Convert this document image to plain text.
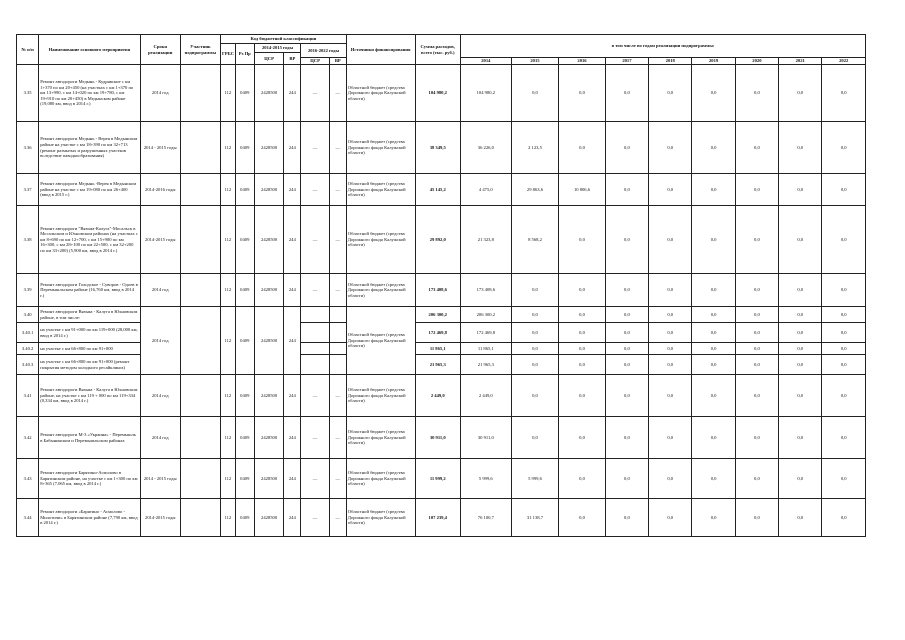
№ п/п	Наименование основного мероприятия	Сроки реализации	Участник подпрограммы	Код бюджетной классификации						Источники финансирования	Сумма расходов, всего (тыс. руб.)	в том числе по годам реализации подпрограммы:								
				ГРБС	Рз Пр	2014-2015 годы		2016-2022 годы												
						ЦСР	ВР													
								ЦСР	ВР			2014	2015	2016	2017	2018	2019	2020	2021	2022
3.35	Ремонт автодороги Медынь - Кудрявские с км 1+370 по км 20+450 (на участках с км 1+370 по км 13+990, с км 14+020 по км 19+780, с км 19+910 по км 20+450) в Медынском районе (19,080 км, ввод в 2014 г.)	2014 год		112	0409	2428500	244	—	—	Областной бюджет (средства Дорожного фонда Калужской области)	104 980,2	104 980,2	0,0	0,0	0,0	0,0	0,0	0,0	0,0	0,0
3.36	Ремонт автодороги Медынь - Верея в Медынском районе на участке с км 18+390 по км 32+713 (ремонт размытых и разрушенных участков вследствие паводкообразования)	2014 - 2015 годы		112	0409	2428500	244	—	—	Областной бюджет (средства Дорожного фонда Калужской области)	38 349,5	36 226,0	2 123,5	0,0	0,0	0,0	0,0	0,0	0,0	0,0
3.37	Ремонт автодороги Медынь -Верея в Медынском районе на участке с км 19+080 по км 26+400 (ввод в 2015 г.)	2014-2016 годы		112	0409	2428500	244	—	—	Областной бюджет (средства Дорожного фонда Калужской области)	45 145,2	4 475,0	29 863,6	10 806,6	0,0	0,0	0,0	0,0	0,0	0,0
3.38	Ремонт автодороги "Вязьма-Калуга"-Мосальск в Мосальском и Юхновском районах (на участках с км 8+690 по км 12+700, с км 15+900 по км 16+300, с км 28+100 по км 22+500, с км 32+200 по км 33+200) (5,900 км, ввод в 2014 г.)	2014-2015 годы		112	0409	2428500	244	—	—	Областной бюджет (средства Дорожного фонда Калужской области)	29 892,0	21 323,8	8 568,2	0,0	0,0	0,0	0,0	0,0	0,0	0,0
3.39	Ремонт автодороги Голодское - Суворов - Одоев в Перемышльском районе (16,760 км, ввод в 2014 г.)	2014 год		112	0409	2428500	244	—	—	Областной бюджет (средства Дорожного фонда Калужской области)	173 408,6	173 408,6	0,0	0,0	0,0	0,0	0,0	0,0	0,0	0,0
3.40	Ремонт автодороги Вязьма - Калуга в Юхновском районе, в том числе:	2014 год		112	0409	2428500	244			Областной бюджет (средства Дорожного фонда Калужской области)	206 300,2	206 300,2	0,0	0,0	0,0	0,0	0,0	0,0	0,0	0,0
3.40.1	на участке с км 91+000 по км 119+000 (28,000 км, ввод в 2014 г.)										172 469,8	172 469,8	0,0	0,0	0,0	0,0	0,0	0,0	0,0	0,0
3.40.2	на участке с км 66+800 по км 91+000										11 865,1	11 865,1	0,0	0,0	0,0	0,0	0,0	0,0	0,0	0,0
3.40.3	на участке с км 66+800 по км 91+000 (ремонт покрытия методом холодного ресайклинга)										21 965,3	21 965,3	0,0	0,0	0,0	0,0	0,0	0,0	0,0	0,0
3.41	Ремонт автодороги Вязьма - Калуга в Юхновском районе, на участке с км 119 + 000 по км 119+334 (0,334 км, ввод в 2014 г.)	2014 год		112	0409	2428500	244	—	—	Областной бюджет (средства Дорожного фонда Калужской области)	2 449,0	2 449,0	0,0	0,0	0,0	0,0	0,0	0,0	0,0	0,0
3.42	Ремонт автодороги М-3 «Украина» - Перемышль в Бабынинском и Перемышльском районах	2014 год		112	0409	2428500	244	—	—	Областной бюджет (средства Дорожного фонда Калужской области)	30 911,0	30 911,0	0,0	0,0	0,0	0,0	0,0	0,0	0,0	0,0
3.43	Ремонт автодороги Барятино-Асмолово в Барятинском районе, на участке с км 1+300 по км 8+365 (7,065 км, ввод в 2014 г.)	2014 - 2015 годы		112	0409	2428500	244	—	—	Областной бюджет (средства Дорожного фонда Калужской области)	11 999,2	5 999,6	5 999,6	0,0	0,0	0,0	0,0	0,0	0,0	0,0
3.44	Ремонт автодороги «Барятино - Асмолово - Милотичи» в Барятинском районе (7,790 км, ввод в 2014 г.)	2014-2015 годы		112	0409	2428500	244	—	—	Областной бюджет (средства Дорожного фонда Калужской области)	107 239,4	76 100,7	31 138,7	0,0	0,0	0,0	0,0	0,0	0,0	0,0
